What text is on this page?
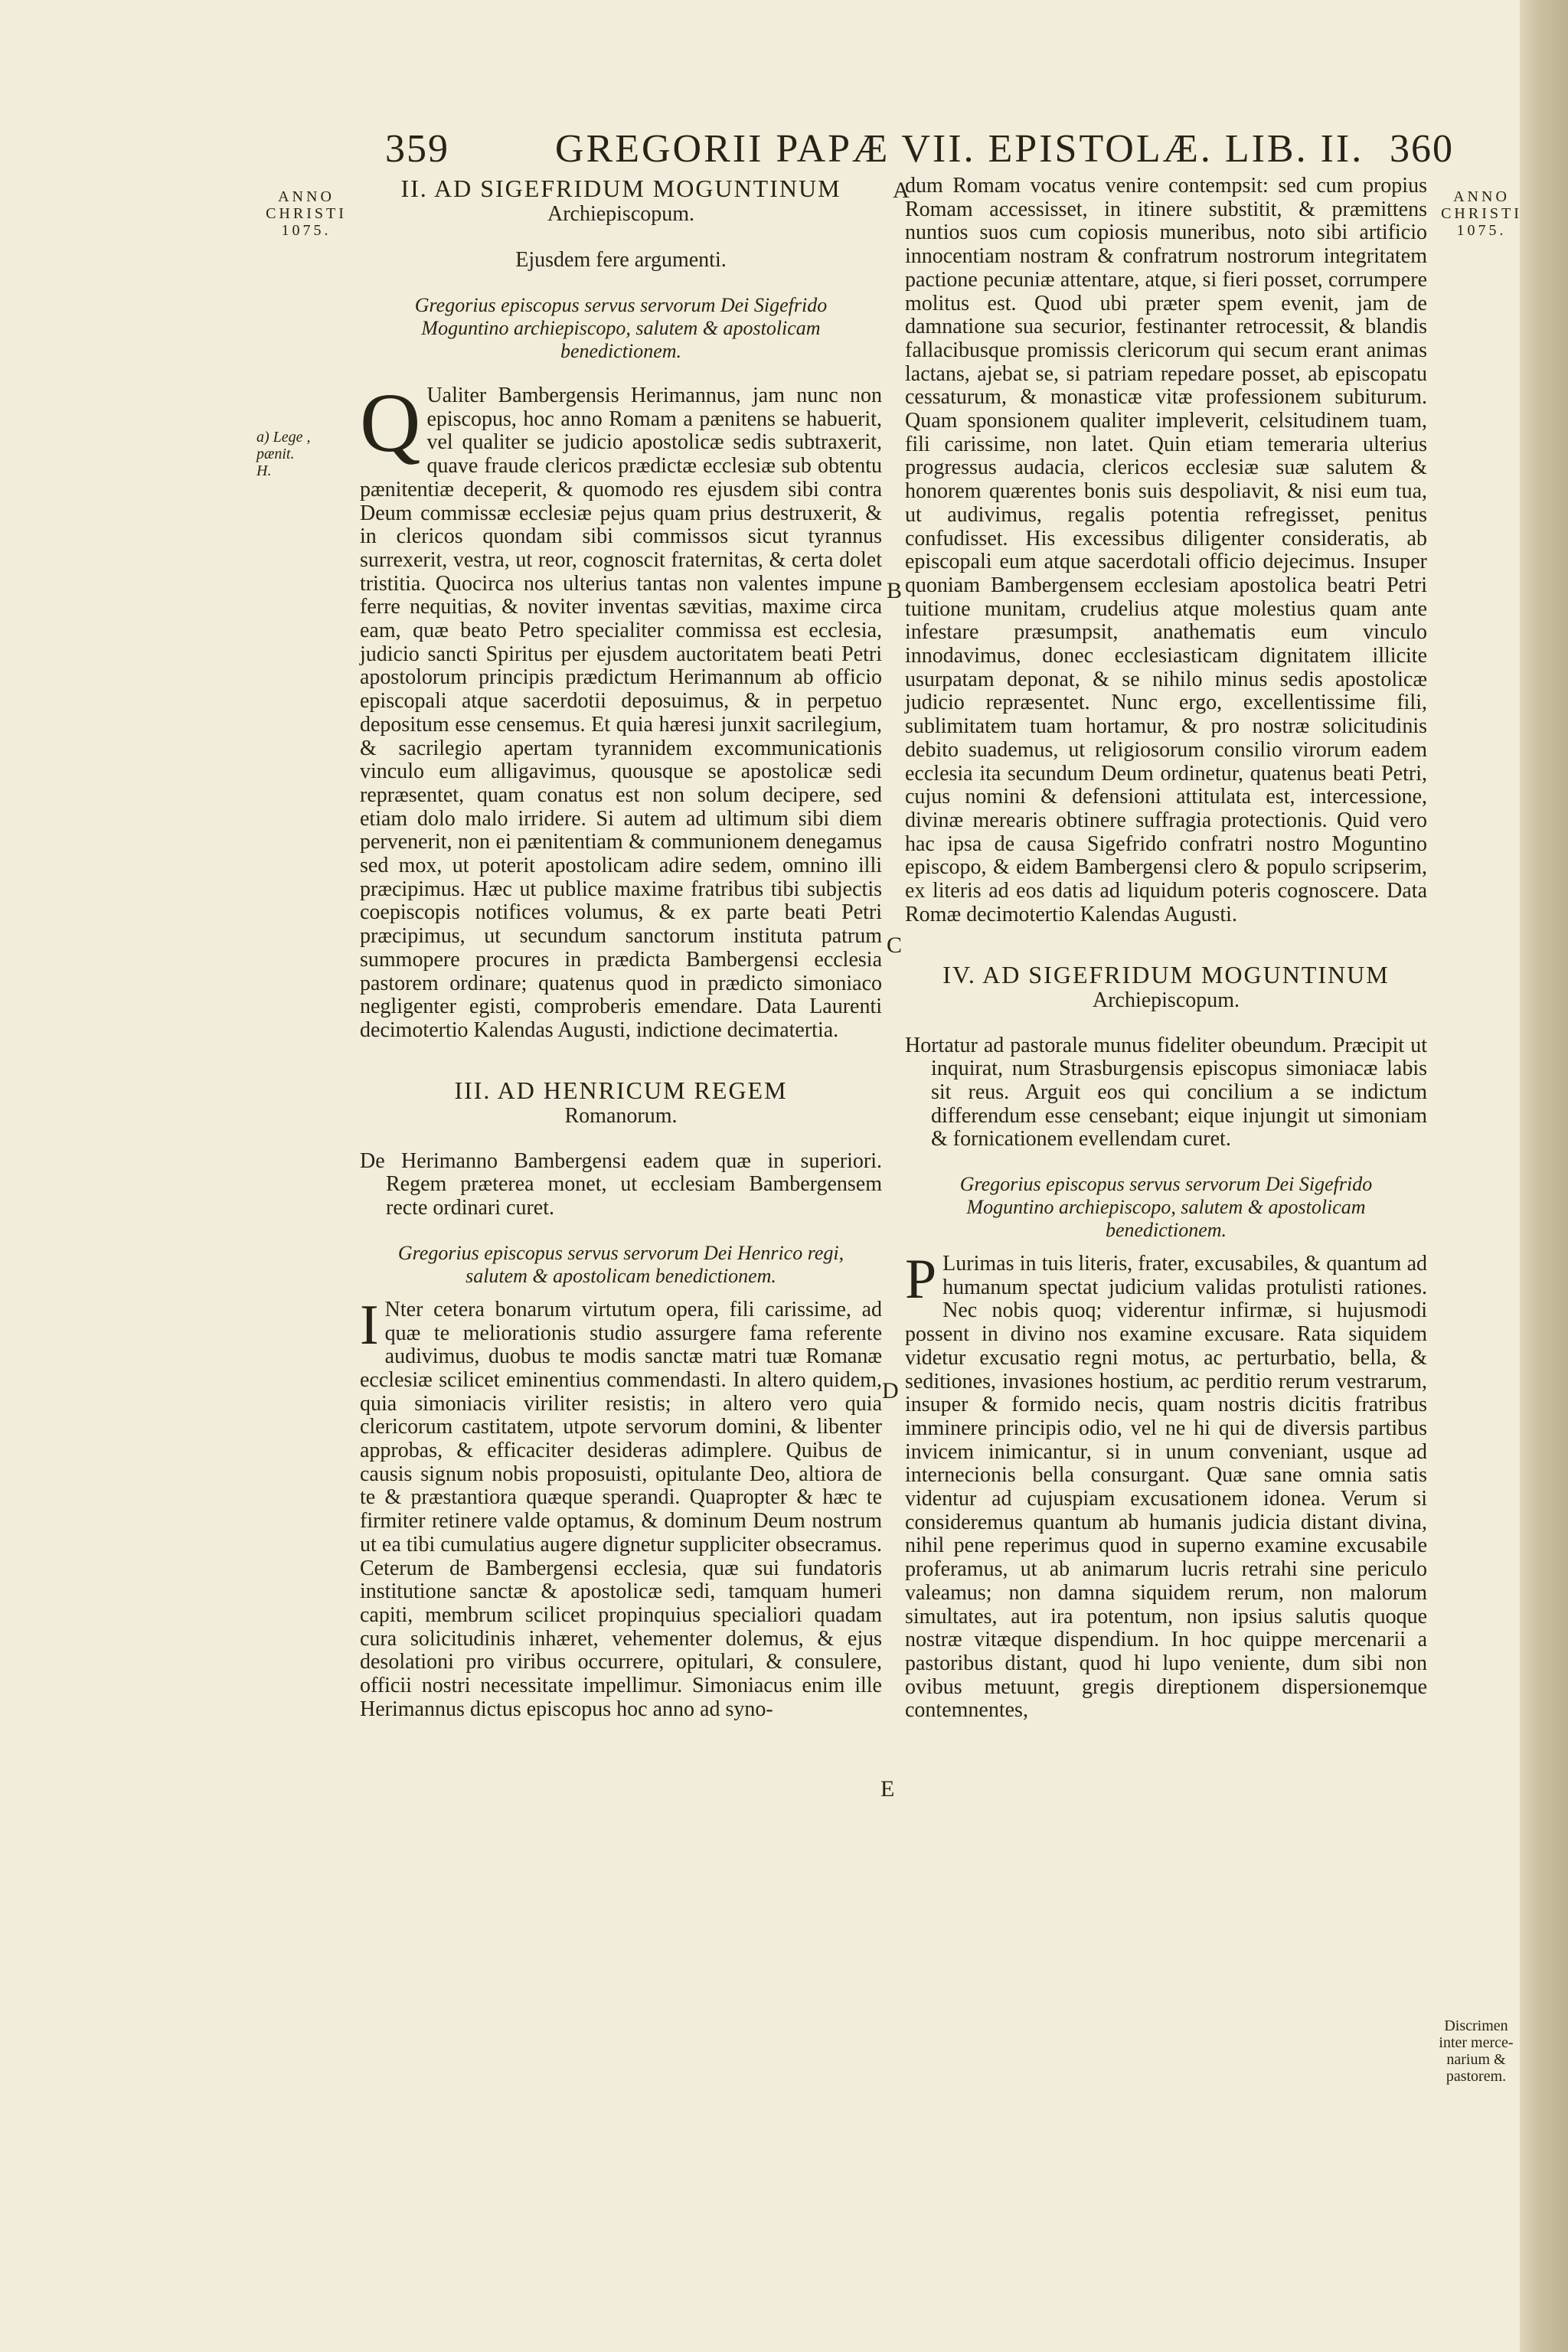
359	GREGORII PAPÆ VII. EPISTOLÆ. LIB. II. 360
ANNO
CHRISTI
1075.
a) Lege ,
pænit.
H.
ANNO
CHRISTI
1075.
Discrimen
inter merce-
narium &
pastorem.
A
B
C
D
E
II. AD SIGEFRIDUM MOGUNTINUM
Archiepiscopum.
Ejusdem fere argumenti.
Gregorius episcopus servus servorum Dei Sigefrido Moguntino archiepiscopo, salutem & apostolicam benedictionem.

Q Ualiter Bambergensis Herimannus, jam nunc non episcopus, hoc anno Romam a pænitens se habuerit, vel qualiter se judicio apostolicæ sedis subtraxerit, quave fraude clericos prædictæ ecclesiæ sub obtentu pænitentiæ deceperit, & quomodo res ejusdem sibi contra Deum commissæ ecclesiæ pejus quam prius destruxerit, & in clericos quondam sibi commissos sicut tyrannus surrexerit, vestra, ut reor, cognoscit fraternitas, & certa dolet tristitia. Quocirca nos ulterius tantas non valentes impune ferre nequitias, & noviter inventas sævitias, maxime circa eam, quæ beato Petro specialiter commissa est ecclesia, judicio sancti Spiritus per ejusdem auctoritatem beati Petri apostolorum principis prædictum Herimannum ab officio episcopali atque sacerdotii deposuimus, & in perpetuo depositum esse censemus. Et quia hæresi junxit sacrilegium, & sacrilegio apertam tyrannidem excommunicationis vinculo eum alligavimus, quousque se apostolicæ sedi repræsentet, quam conatus est non solum decipere, sed etiam dolo malo irridere. Si autem ad ultimum sibi diem pervenerit, non ei pænitentiam & communionem denegamus sed mox, ut poterit apostolicam adire sedem, omnino illi præcipimus. Hæc ut publice maxime fratribus tibi subjectis coepiscopis notifices volumus, & ex parte beati Petri præcipimus, ut secundum sanctorum instituta patrum summopere procures in prædicta Bambergensi ecclesia pastorem ordinare; quatenus quod in prædicto simoniaco negligenter egisti, comproberis emendare. Data Laurenti decimotertio Kalendas Augusti, indictione decimatertia.

III. AD HENRICUM REGEM
Romanorum.
De Herimanno Bambergensi eadem quæ in superiori. Regem præterea monet, ut ecclesiam Bambergensem recte ordinari curet.
Gregorius episcopus servus servorum Dei Henrico regi, salutem & apostolicam benedictionem.

I Nter cetera bonarum virtutum opera, fili carissime, ad quæ te meliorationis studio assurgere fama referente audivimus, duobus te modis sanctæ matri tuæ Romanæ ecclesiæ scilicet eminentius commendasti. In altero quidem, quia simoniacis viriliter resistis; in altero vero quia clericorum castitatem, utpote servorum domini, & libenter approbas, & efficaciter desideras adimplere. Quibus de causis signum nobis proposuisti, opitulante Deo, altiora de te & præstantiora quæque sperandi. Quapropter & hæc te firmiter retinere valde optamus, & dominum Deum nostrum ut ea tibi cumulatius augere dignetur suppliciter obsecramus. Ceterum de Bambergensi ecclesia, quæ sui fundatoris institutione sanctæ & apostolicæ sedi, tamquam humeri capiti, membrum scilicet propinquius specialiori quadam cura solicitudinis inhæret, vehementer dolemus, & ejus desolationi pro viribus occurrere, opitulari, & consulere, officii nostri necessitate impellimur. Simoniacus enim ille Herimannus dictus episcopus hoc anno ad syno-

dum Romam vocatus venire contempsit: sed cum propius Romam accessisset, in itinere substitit, & præmittens nuntios suos cum copiosis muneribus, noto sibi artificio innocentiam nostram & confratrum nostrorum integritatem pactione pecuniæ attentare, atque, si fieri posset, corrumpere molitus est. Quod ubi præter spem evenit, jam de damnatione sua securior, festinanter retrocessit, & blandis fallacibusque promissis clericorum qui secum erant animas lactans, ajebat se, si patriam repedare posset, ab episcopatu cessaturum, & monasticæ vitæ professionem subiturum. Quam sponsionem qualiter impleverit, celsitudinem tuam, fili carissime, non latet. Quin etiam temeraria ulterius progressus audacia, clericos ecclesiæ suæ salutem & honorem quærentes bonis suis despoliavit, & nisi eum tua, ut audivimus, regalis potentia refregisset, penitus confudisset. His excessibus diligenter consideratis, ab episcopali eum atque sacerdotali officio dejecimus. Insuper quoniam Bambergensem ecclesiam apostolica beatri Petri tuitione munitam, crudelius atque molestius quam ante infestare præsumpsit, anathematis eum vinculo innodavimus, donec ecclesiasticam dignitatem illicite usurpatam deponat, & se nihilo minus sedis apostolicæ judicio repræsentet. Nunc ergo, excellentissime fili, sublimitatem tuam hortamur, & pro nostræ solicitudinis debito suademus, ut religiosorum consilio virorum eadem ecclesia ita secundum Deum ordinetur, quatenus beati Petri, cujus nomini & defensioni attitulata est, intercessione, divinæ merearis obtinere suffragia protectionis. Quid vero hac ipsa de causa Sigefrido confratri nostro Moguntino episcopo, & eidem Bambergensi clero & populo scripserim, ex literis ad eos datis ad liquidum poteris cognoscere. Data Romæ decimotertio Kalendas Augusti.

IV. AD SIGEFRIDUM MOGUNTINUM
Archiepiscopum.
Hortatur ad pastorale munus fideliter obeundum. Præcipit ut inquirat, num Strasburgensis episcopus simoniacæ labis sit reus. Arguit eos qui concilium a se indictum differendum esse censebant; eique injungit ut simoniam & fornicationem evellendam curet.
Gregorius episcopus servus servorum Dei Sigefrido Moguntino archiepiscopo, salutem & apostolicam benedictionem.

P Lurimas in tuis literis, frater, excusabiles, & quantum ad humanum spectat judicium validas protulisti rationes. Nec nobis quoq; viderentur infirmæ, si hujusmodi possent in divino nos examine excusare. Rata siquidem videtur excusatio regni motus, ac perturbatio, bella, & seditiones, invasiones hostium, ac perditio rerum vestrarum, insuper & formido necis, quam nostris dicitis fratribus imminere principis odio, vel ne hi qui de diversis partibus invicem inimicantur, si in unum conveniant, usque ad internecionis bella consurgant. Quæ sane omnia satis videntur ad cujuspiam excusationem idonea. Verum si consideremus quantum ab humanis judicia distant divina, nihil pene reperimus quod in superno examine excusabile proferamus, ut ab animarum lucris retrahi sine periculo valeamus; non damna siquidem rerum, non malorum simultates, aut ira potentum, non ipsius salutis quoque nostræ vitæque dispendium. In hoc quippe mercenarii a pastoribus distant, quod hi lupo veniente, dum sibi non ovibus metuunt, gregis direptionem dispersionemque contemnentes,
